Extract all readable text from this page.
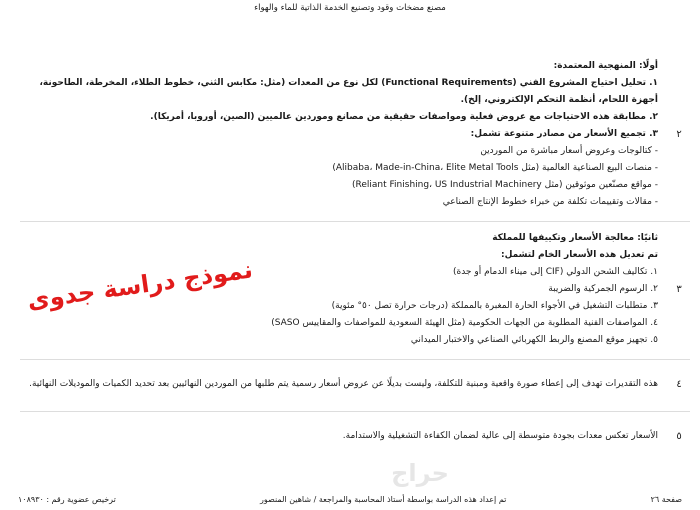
مصنع مضخات وقود وتصنيع الخدمة الذاتية للماء والهواء
٢
أولًا: المنهجية المعتمدة:
١. تحليل احتياج المشروع الفني (Functional Requirements) لكل نوع من المعدات (مثل: مكابس الثني، خطوط الطلاء، المخرطة، الطاحونة، أجهزة اللحام، أنظمة التحكم الإلكتروني، إلخ).
٢. مطابقة هذه الاحتياجات مع عروض فعلية ومواصفات حقيقية من مصانع وموردين عالميين (الصين، أوروبا، أمريكا).
٣. تجميع الأسعار من مصادر متنوعة تشمل:
- كتالوجات وعروض أسعار مباشرة من الموردين
- منصات البيع الصناعية العالمية (مثل Alibaba، Made-in-China، Elite Metal Tools)
- مواقع مصنّعين موثوقين (مثل Reliant Finishing، US Industrial Machinery)
- مقالات وتقييمات تكلفة من خبراء خطوط الإنتاج الصناعي
٣
ثانيًا: معالجة الأسعار وتكييفها للمملكة
تم تعديل هذه الأسعار الخام لتشمل:
١. تكاليف الشحن الدولي (CIF إلى ميناء الدمام أو جدة)
٢. الرسوم الجمركية والضريبة
٣. متطلبات التشغيل في الأجواء الحارة المغبرة بالمملكة (درجات حرارة تصل ٥٠° مئوية)
٤. المواصفات الفنية المطلوبة من الجهات الحكومية (مثل الهيئة السعودية للمواصفات والمقاييس SASO)
٥. تجهيز موقع المصنع والربط الكهربائي الصناعي والاختبار الميداني
نموذج دراسة جدوى
٤
هذه التقديرات تهدف إلى إعطاء صورة واقعية ومبنية للتكلفة، وليست بديلًا عن عروض أسعار رسمية يتم طلبها من الموردين النهائيين بعد تحديد الكميات والموديلات النهائية.
٥
الأسعار تعكس معدات بجودة متوسطة إلى عالية لضمان الكفاءة التشغيلية والاستدامة.
حراج
ترخيص عضوية رقم : ١٠٨٩٣٠	تم إعداد هذه الدراسة بواسطة أستاذ المحاسبة والمراجعة / شاهين المنصور	صفحة ٢٦
